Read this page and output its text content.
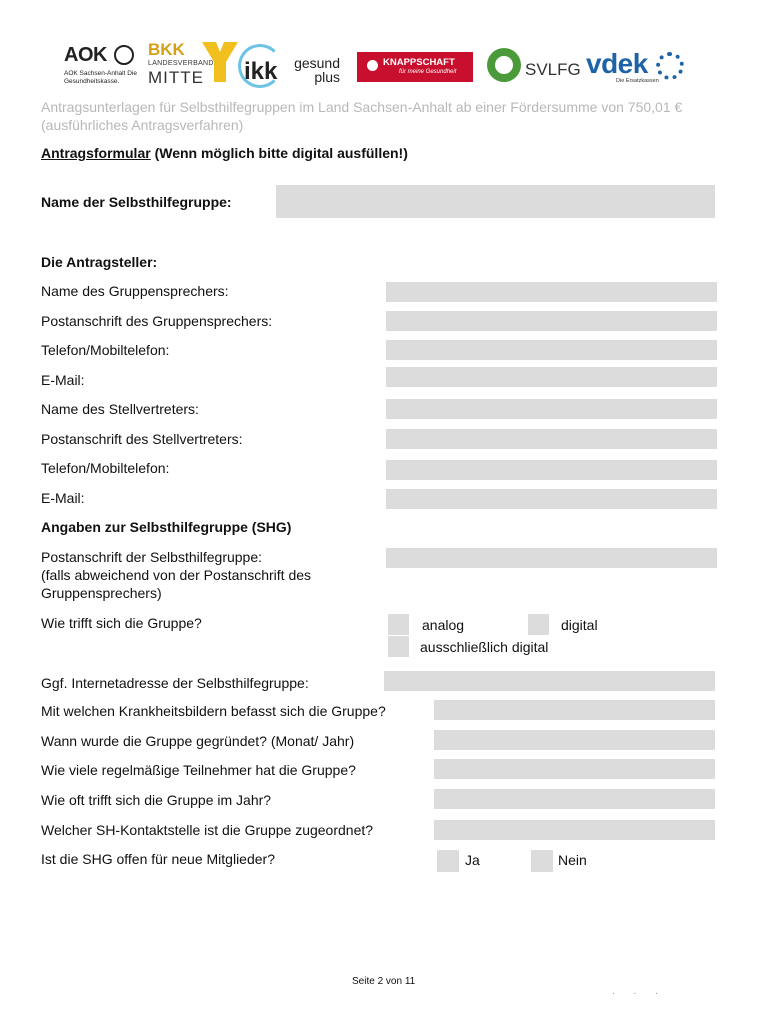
AOK
AOK Sachsen-Anhalt Die Gesundheitskasse.
BKK
LANDESVERBAND
MITTE ikk	gesund plus
KNAPPSCHAFT
für meine Gesundheit	SVLFG vdek
Die Ersatzkassen
Antragsunterlagen für Selbsthilfegruppen im Land Sachsen-Anhalt ab einer Fördersumme von 750,01 € (ausführliches Antragsverfahren)
Antragsformular (Wenn möglich bitte digital ausfüllen!)
Name der Selbsthilfegruppe:
Die Antragsteller:
Name des Gruppensprechers:
Postanschrift des Gruppensprechers:
Telefon/Mobiltelefon:
E-Mail:
Name des Stellvertreters:
Postanschrift des Stellvertreters:
Telefon/Mobiltelefon:
E-Mail:
Angaben zur Selbsthilfegruppe (SHG)
Postanschrift der Selbsthilfegruppe:
(falls abweichend von der Postanschrift des
Gruppensprechers)
Wie trifft sich die Gruppe?	analog	digital
ausschließlich digital
Ggf. Internetadresse der Selbsthilfegruppe:
Mit welchen Krankheitsbildern befasst sich die Gruppe?
Wann wurde die Gruppe gegründet? (Monat/ Jahr)
Wie viele regelmäßige Teilnehmer hat die Gruppe?
Wie oft trifft sich die Gruppe im Jahr?
Welcher SH-Kontaktstelle ist die Gruppe zugeordnet?
Ist die SHG offen für neue Mitglieder?	Ja	Nein
Seite 2 von 11
. . .
